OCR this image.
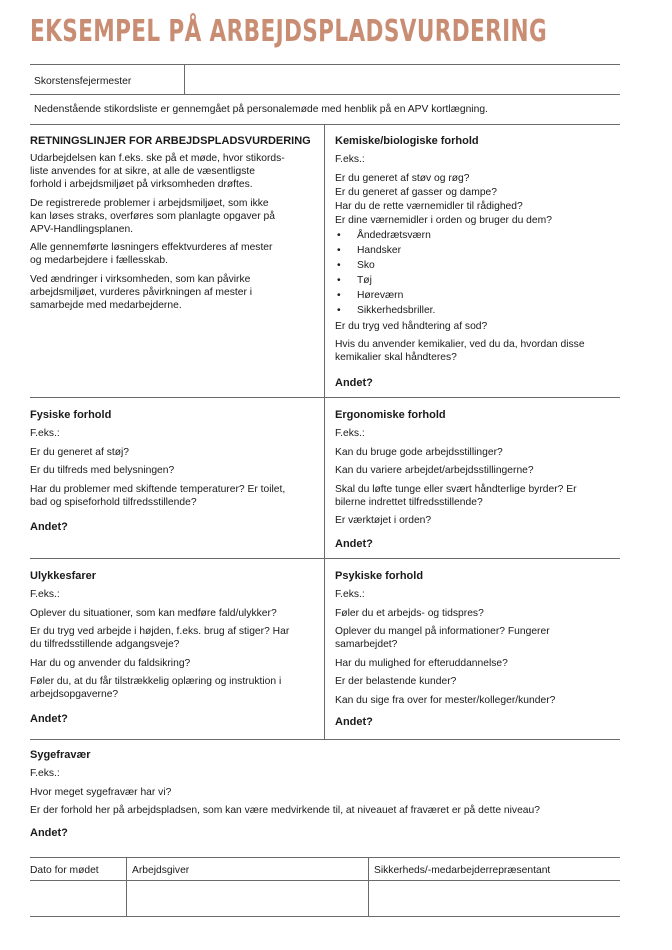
EKSEMPEL PÅ ARBEJDSPLADSVURDERING
Skorstensfejermester
Nedenstående stikordsliste er gennemgået på personalemøde med henblik på en APV kortlægning.
RETNINGSLINJER FOR ARBEJDSPLADSVURDERING

Udarbejdelsen kan f.eks. ske på et møde, hvor stikords-
liste anvendes for at sikre, at alle de væsentligste
forhold i arbejdsmiljøet på virksomheden drøftes.

De registrerede problemer i arbejdsmiljøet, som ikke
kan løses straks, overføres som planlagte opgaver på
APV-Handlingsplanen.

Alle gennemførte løsningers effektvurderes af mester
og medarbejdere i fællesskab.

Ved ændringer i virksomheden, som kan påvirke
arbejdsmiljøet, vurderes påvirkningen af mester i
samarbejde med medarbejderne.

Kemiske/biologiske forhold

F.eks.:

Er du generet af støv og røg?

Er du generet af gasser og dampe?

Har du de rette værnemidler til rådighed?

Er dine værnemidler i orden og bruger du dem?

• Åndedrætsværn
• Handsker
• Sko
• Tøj
• Høreværn
• Sikkerhedsbriller.

Er du tryg ved håndtering af sod?

Hvis du anvender kemikalier, ved du da, hvordan disse
kemikalier skal håndteres?

Andet?
Fysiske forhold

F.eks.:

Er du generet af støj?

Er du tilfreds med belysningen?

Har du problemer med skiftende temperaturer? Er toilet,
bad og spiseforhold tilfredsstillende?

Andet?
Ergonomiske forhold

F.eks.:

Kan du bruge gode arbejdsstillinger?

Kan du variere arbejdet/arbejdsstillingerne?

Skal du løfte tunge eller svært håndterlige byrder? Er
bilerne indrettet tilfredsstillende?

Er værktøjet i orden?

Andet?
Ulykkesfarer

F.eks.:

Oplever du situationer, som kan medføre fald/ulykker?

Er du tryg ved arbejde i højden, f.eks. brug af stiger? Har
du tilfredsstillende adgangsveje?

Har du og anvender du faldsikring?

Føler du, at du får tilstrækkelig oplæring og instruktion i
arbejdsopgaverne?

Andet?
Psykiske forhold

F.eks.:

Føler du et arbejds- og tidspres?

Oplever du mangel på informationer? Fungerer
samarbejdet?

Har du mulighed for efteruddannelse?

Er der belastende kunder?

Kan du sige fra over for mester/kolleger/kunder?

Andet?
Sygefravær

F.eks.:

Hvor meget sygefravær har vi?

Er der forhold her på arbejdspladsen, som kan være medvirkende til, at niveauet af fraværet er på dette niveau?

Andet?
Dato for mødet	Arbejdsgiver	Sikkerheds/-medarbejderrepræsentant
